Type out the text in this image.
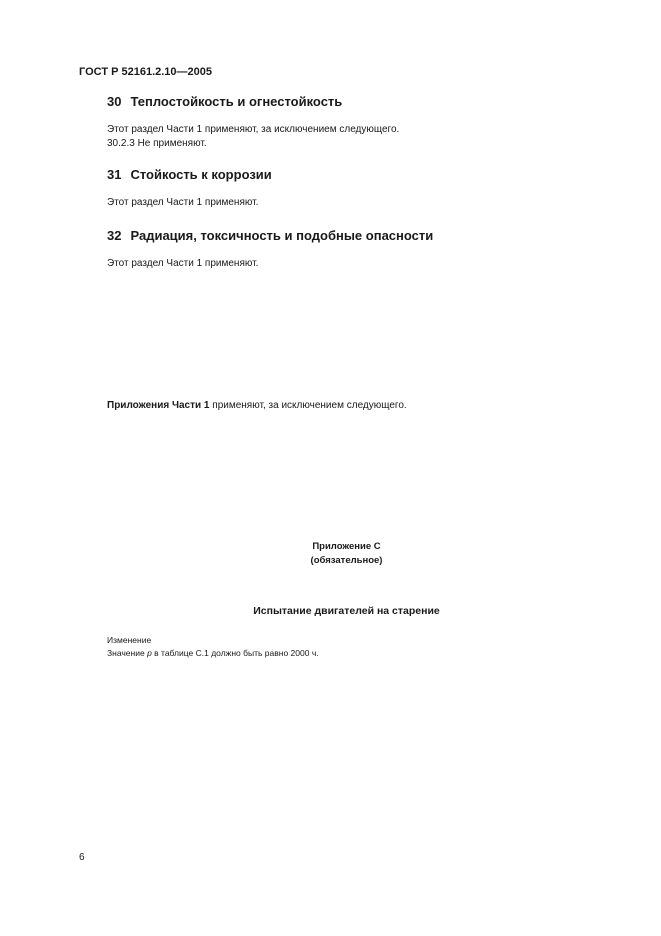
ГОСТ Р 52161.2.10—2005
30 Теплостойкость и огнестойкость
Этот раздел Части 1 применяют, за исключением следующего.
30.2.3 Не применяют.
31 Стойкость к коррозии
Этот раздел Части 1 применяют.
32 Радиация, токсичность и подобные опасности
Этот раздел Части 1 применяют.
Приложения Части 1 применяют, за исключением следующего.
Приложение С
(обязательное)
Испытание двигателей на старение
Изменение
Значение p в таблице С.1 должно быть равно 2000 ч.
6
